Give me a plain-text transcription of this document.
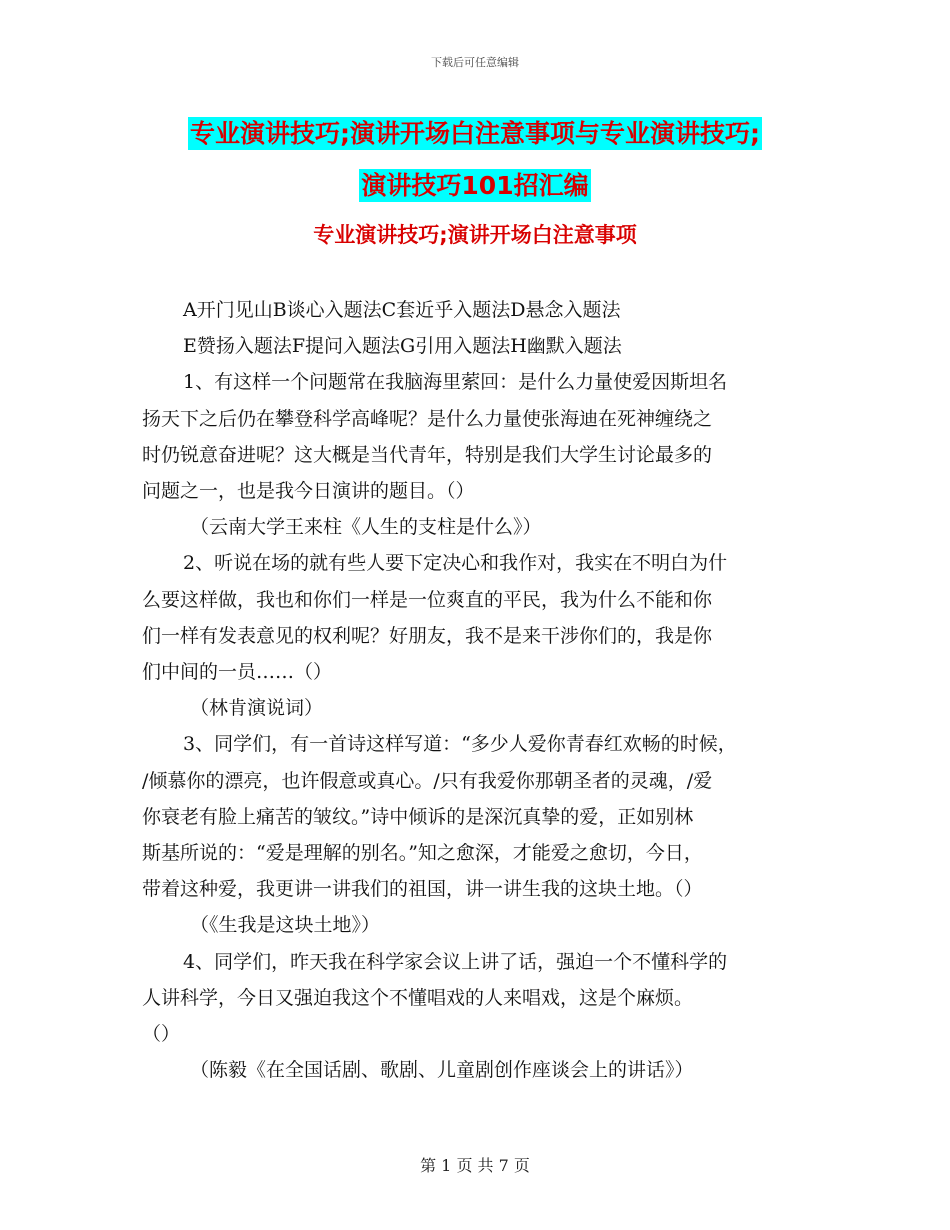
下载后可任意编辑
专业演讲技巧;演讲开场白注意事项与专业演讲技巧;
演讲技巧101招汇编
专业演讲技巧;演讲开场白注意事项

A开门见山B谈心入题法C套近乎入题法D悬念入题法

E赞扬入题法F提问入题法G引用入题法H幽默入题法

1、有这样一个问题常在我脑海里萦回：是什么力量使爱因斯坦名

扬天下之后仍在攀登科学高峰呢？是什么力量使张海迪在死神缠绕之

时仍锐意奋进呢？这大概是当代青年，特别是我们大学生讨论最多的

问题之一，也是我今日演讲的题目。（）

（云南大学王来柱《人生的支柱是什么》）

2、听说在场的就有些人要下定决心和我作对，我实在不明白为什

么要这样做，我也和你们一样是一位爽直的平民，我为什么不能和你

们一样有发表意见的权利呢？好朋友，我不是来干涉你们的，我是你

们中间的一员……（）

（林肯演说词）

3、同学们，有一首诗这样写道：“多少人爱你青春红欢畅的时候，

/倾慕你的漂亮，也许假意或真心。/只有我爱你那朝圣者的灵魂，/爱

你衰老有脸上痛苦的皱纹。”诗中倾诉的是深沉真挚的爱，正如别林

斯基所说的：“爱是理解的别名。”知之愈深，才能爱之愈切，今日，

带着这种爱，我更讲一讲我们的祖国，讲一讲生我的这块土地。（）

（《生我是这块土地》）

4、同学们，昨天我在科学家会议上讲了话，强迫一个不懂科学的

人讲科学，今日又强迫我这个不懂唱戏的人来唱戏，这是个麻烦。

（）

（陈毅《在全国话剧、歌剧、儿童剧创作座谈会上的讲话》）

第 1 页 共 7 页
